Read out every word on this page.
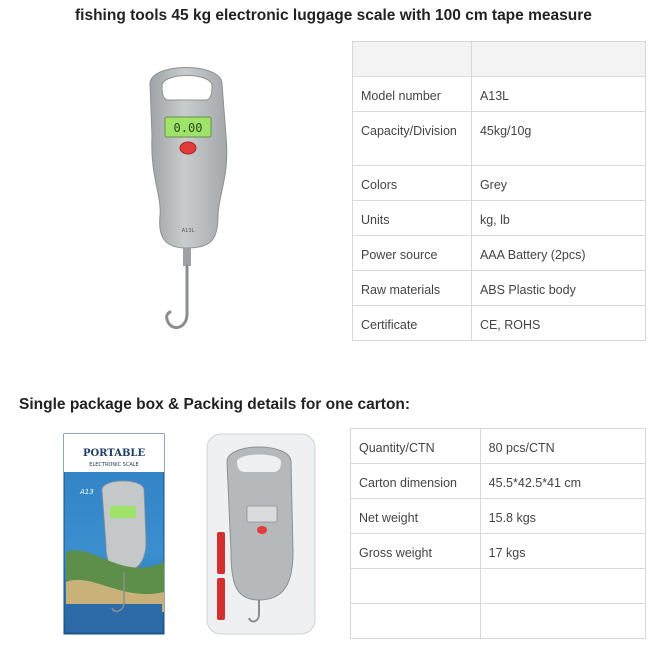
fishing tools 45 kg electronic luggage scale with 100 cm tape measure
0.00
A13L

Model number	A13L
Capacity/Division	45kg/10g
Colors	Grey
Units	kg, lb
Power source	AAA Battery (2pcs)
Raw materials	ABS Plastic body
Certificate	CE, ROHS
Single package box & Packing details for one carton:
PORTABLE
ELECTRONIC SCALE
A13
Quantity/CTN	80 pcs/CTN
Carton dimension	45.5*42.5*41 cm
Net weight	15.8 kgs
Gross weight	17 kgs
